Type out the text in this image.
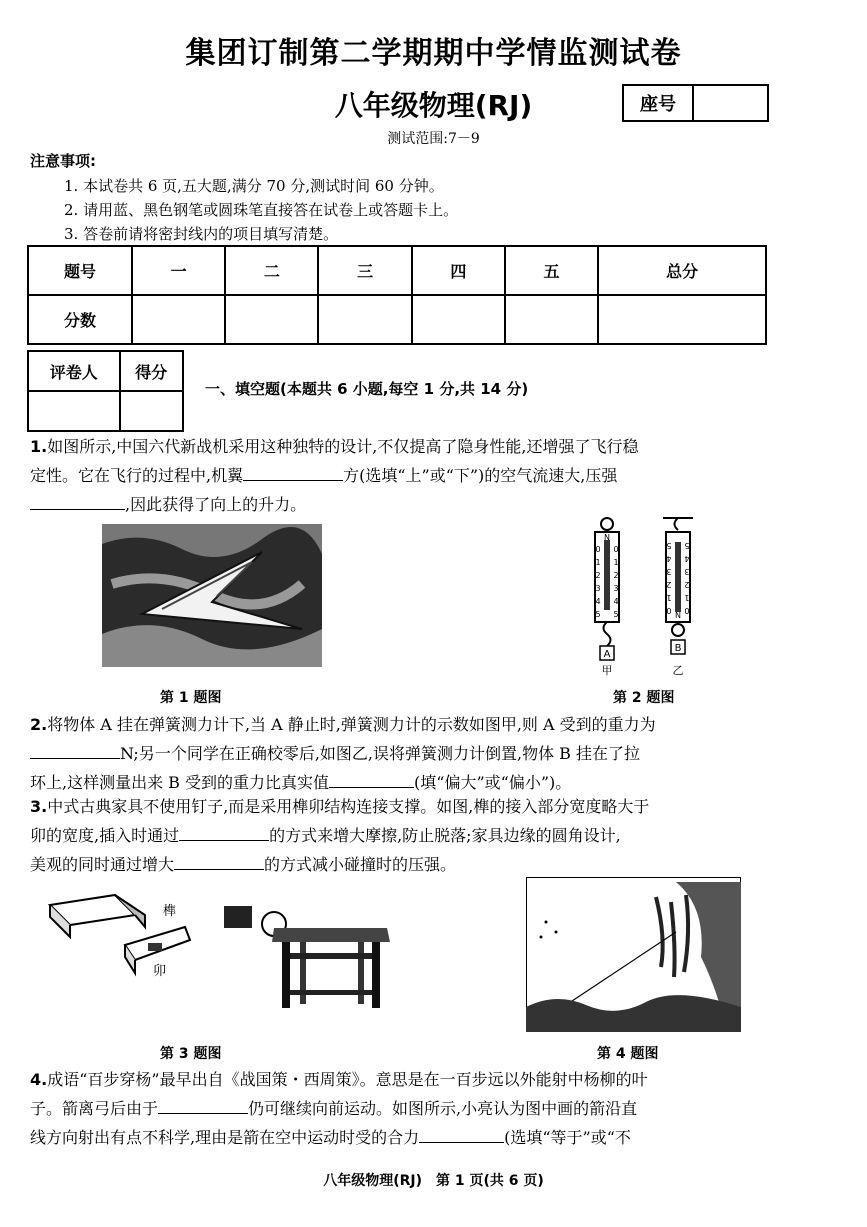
集团订制第二学期期中学情监测试卷
八年级物理(RJ)	座号
测试范围:7－9
注意事项:
1. 本试卷共 6 页,五大题,满分 70 分,测试时间 60 分钟。
2. 请用蓝、黑色钢笔或圆珠笔直接答在试卷上或答题卡上。
3. 答卷前请将密封线内的项目填写清楚。
题号	一	二	三	四	五	总分
分数						
评卷人	得分

一、填空题(本题共 6 小题,每空 1 分,共 14 分)
1.如图所示,中国六代新战机采用这种独特的设计,不仅提高了隐身性能,还增强了飞行稳
定性。它在飞行的过程中,机翼	方(选填“上”或“下”)的空气流速大,压强
,因此获得了向上的升力。
第 1 题图
N
0 0
1 1
2 2
3 3
4 4
5 5
A
甲
0 0
1 1
2 2
3 3
4 4
5 5
N
B
乙
第 2 题图
2.将物体 A 挂在弹簧测力计下,当 A 静止时,弹簧测力计的示数如图甲,则 A 受到的重力为
N;另一个同学在正确校零后,如图乙,误将弹簧测力计倒置,物体 B 挂在了拉
环上,这样测量出来 B 受到的重力比真实值	(填“偏大”或“偏小”)。
3.中式古典家具不使用钉子,而是采用榫卯结构连接支撑。如图,榫的接入部分宽度略大于
卯的宽度,插入时通过	的方式来增大摩擦,防止脱落;家具边缘的圆角设计,
美观的同时通过增大	的方式减小碰撞时的压强。
榫
卯
第 3 题图	第 4 题图
4.成语“百步穿杨”最早出自《战国策・西周策》。意思是在一百步远以外能射中杨柳的叶
子。箭离弓后由于	仍可继续向前运动。如图所示,小亮认为图中画的箭沿直
线方向射出有点不科学,理由是箭在空中运动时受的合力	(选填“等于”或“不
八年级物理(RJ)　第 1 页(共 6 页)
